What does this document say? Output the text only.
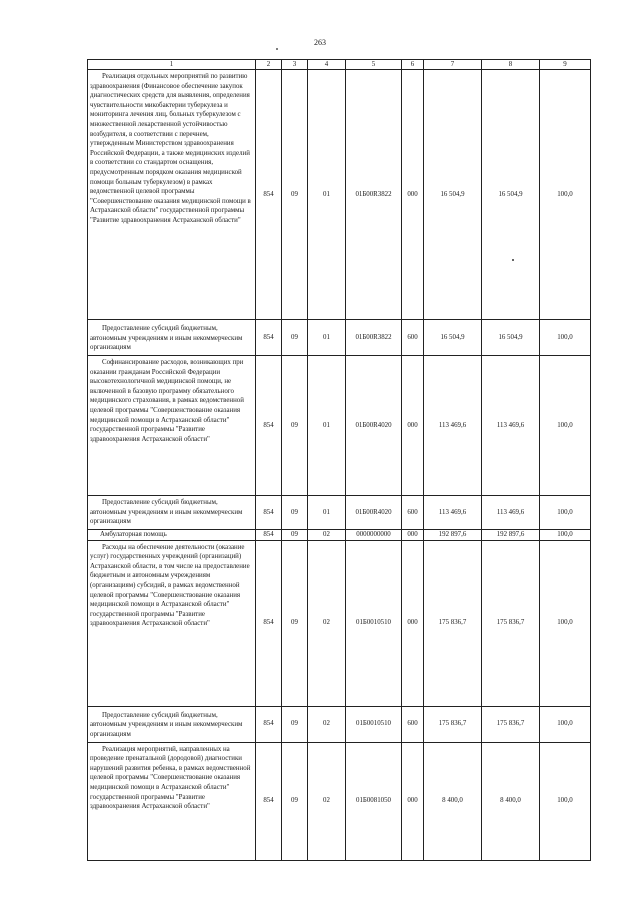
263
1	2	3	4	5	6	7	8	9

Реализация отдельных мероприятий по развитию здравоохранения (Финансовое обеспечение закупок диагностических средств для выявления, определения чувствительности микобактерии туберкулеза и мониторинга лечения лиц, больных туберкулезом с множественной лекарственной устойчивостью возбудителя, в соответствии с перечнем, утвержденным Министерством здравоохранения Российской Федерации, а также медицинских изделий в соответствии со стандартом оснащения, предусмотренным порядком оказания медицинской помощи больным туберкулезом) в рамках ведомственной целевой программы "Совершенствование оказания медицинской помощи в Астраханской области" государственной программы "Развитие здравоохранения Астраханской области"	854	09	01	01Б00R3822	000	16 504,9	16 504,9	100,0

Предоставление субсидий бюджетным, автономным учреждениям и иным некоммерческим организациям	854	09	01	01Б00R3822	600	16 504,9	16 504,9	100,0

Софинансирование расходов, возникающих при оказании гражданам Российской Федерации высокотехнологичной медицинской помощи, не включенной в базовую программу обязательного медицинского страхования, в рамках ведомственной целевой программы "Совершенствование оказания медицинской помощи в Астраханской области" государственной программы "Развитие здравоохранения Астраханской области"	854	09	01	01Б00R4020	000	113 469,6	113 469,6	100,0

Предоставление субсидий бюджетным, автономным учреждениям и иным некоммерческим организациям	854	09	01	01Б00R4020	600	113 469,6	113 469,6	100,0

Амбулаторная помощь	854	09	02	0000000000	000	192 897,6	192 897,6	100,0

Расходы на обеспечение деятельности (оказание услуг) государственных учреждений (организаций) Астраханской области, в том числе на предоставление бюджетным и автономным учреждениям (организациям) субсидий, в рамках ведомственной целевой программы "Совершенствование оказания медицинской помощи в Астраханской области" государственной программы "Развитие здравоохранения Астраханской области"	854	09	02	01Б0010510	000	175 836,7	175 836,7	100,0

Предоставление субсидий бюджетным, автономным учреждениям и иным некоммерческим организациям	854	09	02	01Б0010510	600	175 836,7	175 836,7	100,0

Реализация мероприятий, направленных на проведение пренатальной (дородовой) диагностики нарушений развития ребенка, в рамках ведомственной целевой программы "Совершенствование оказания медицинской помощи в Астраханской области" государственной программы "Развитие здравоохранения Астраханской области"	854	09	02	01Б0081050	000	8 400,0	8 400,0	100,0
